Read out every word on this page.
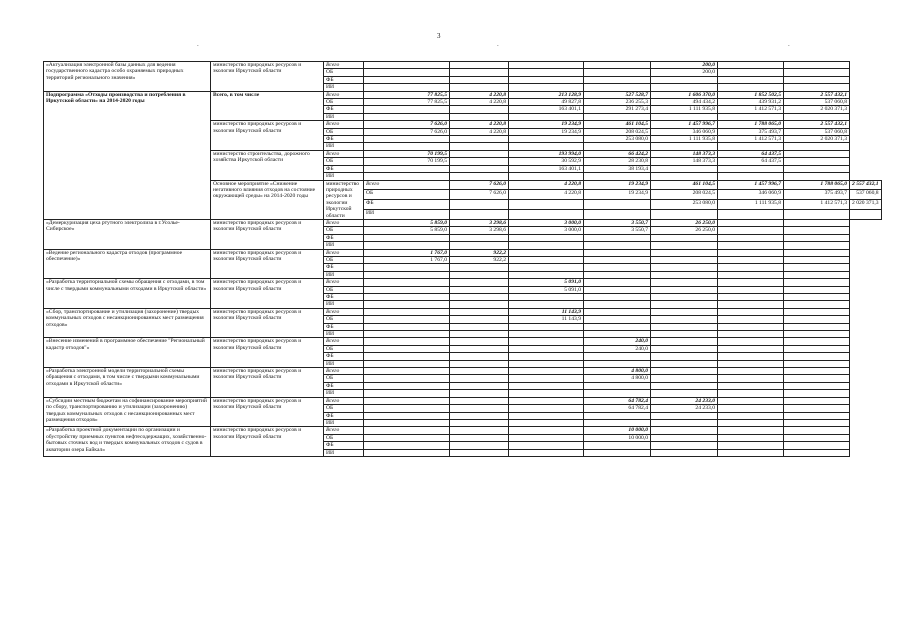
3
.	.	.
«Актуализация электронной базы данных для ведения государственного кадастра особо охраняемых природных территорий регионального значения»	министерство природных ресурсов и экологии Иркутской области	Всего					200,0			
		ОБ					200,0			
		ФБ								
		ИИ								
Подпрограмма «Отходы производства и потребления в Иркутской области» на 2014-2020 годы	Всего, в том числе	Всего	77 825,5	4 220,8	213 128,9	527 528,7	1 606 370,0	1 852 502,5	2 557 432,1	
		ОБ	77 825,5	4 220,8	49 827,8	236 255,3	494 434,2	439 931,2	537 060,8	
		ФБ			163 401,1	291 273,4	1 111 935,8	1 412 571,3	2 020 371,3	
		ИИ								
	министерство природных ресурсов и экологии Иркутской области	Всего	7 626,0	4 220,8	19 234,9	461 104,5	1 457 996,7	1 788 065,0	2 557 432,1	
		ОБ	7 626,0	4 220,8	19 234,9	208 024,5	346 060,9	375 493,7	537 060,8	
		ФБ				253 080,0	1 111 935,8	1 412 571,3	2 020 371,3	
		ИИ								
	министерство строительства, дорожного хозяйства Иркутской области	Всего	70 199,5		193 994,0	66 424,2	148 373,3	64 437,5		
		ОБ	70 199,5		30 592,9	28 230,8	148 373,3	64 437,5		
		ФБ			163 401,1	38 193,4				
		ИИ								
	Основное мероприятие «Снижение негативного влияния отходов на состояние окружающей среды» на 2014-2020 годы	министерство природных ресурсов и экологии Иркутской области	Всего	7 626,0	4 220,8	19 234,9	461 104,5	1 457 996,7	1 788 065,0	2 557 432,1
			ОБ	7 626,0	4 220,8	19 234,9	208 024,5	346 060,9	375 493,7	537 060,8
			ФБ				253 080,0	1 111 935,8	1 412 571,3	2 020 371,3
			ИИ							
«Демеркуризация цеха ртутного электролиза в г.Усолье-Сибирское»	министерство природных ресурсов и экологии Иркутской области	Всего	5 859,0	3 298,6	3 000,0	3 550,7	26 250,0			
		ОБ	5 859,0	3 298,6	3 000,0	3 550,7	26 250,0			
		ФБ								
		ИИ								
«Ведение регионального кадастра отходов (программное обеспечение)»	министерство природных ресурсов и экологии Иркутской области	Всего	1 767,0	922,2						
		ОБ	1 767,0	922,2						
		ФБ								
		ИИ								
«Разработка территориальной схемы обращения с отходами, в том числе с твердыми коммунальными отходами в Иркутской области»	министерство природных ресурсов и экологии Иркутской области	Всего			5 091,0					
		ОБ			5 091,0					
		ФБ								
		ИИ								
«Сбор, транспортирование и утилизация (захоронение) твердых коммунальных отходов с несанкционированных мест размещения отходов»	министерство природных ресурсов и экологии Иркутской области	Всего			11 143,9					
		ОБ			11 143,9					
		ФБ								
		ИИ								
«Внесение изменений в программное обеспечение "Региональный кадастр отходов"»	министерство природных ресурсов и экологии Иркутской области	Всего				240,0				
		ОБ				240,0				
		ФБ								
		ИИ								
«Разработка электронной модели территориальной схемы обращения с отходами, в том числе с твердыми коммунальными отходами в Иркутской области»	министерство природных ресурсов и экологии Иркутской области	Всего				4 800,0				
		ОБ				4 800,0				
		ФБ								
		ИИ								
«Субсидии местным бюджетам на софинансирование мероприятий по сбору, транспортированию и утилизации (захоронению) твердых коммунальных отходов с несанкционированных мест размещения отходов»	министерство природных ресурсов и экологии Иркутской области	Всего				64 782,4	24 233,0			
		ОБ				64 782,4	24 233,0			
		ФБ								
		ИИ								
«Разработка проектной документации по организации и обустройству приемных пунктов нефтесодержащих, хозяйственно-бытовых сточных вод и твердых коммунальных отходов с судов в акватории озера Байкал»	министерство природных ресурсов и экологии Иркутской области	Всего				10 000,0				
		ОБ				10 000,0				
		ФБ								
		ИИ								
